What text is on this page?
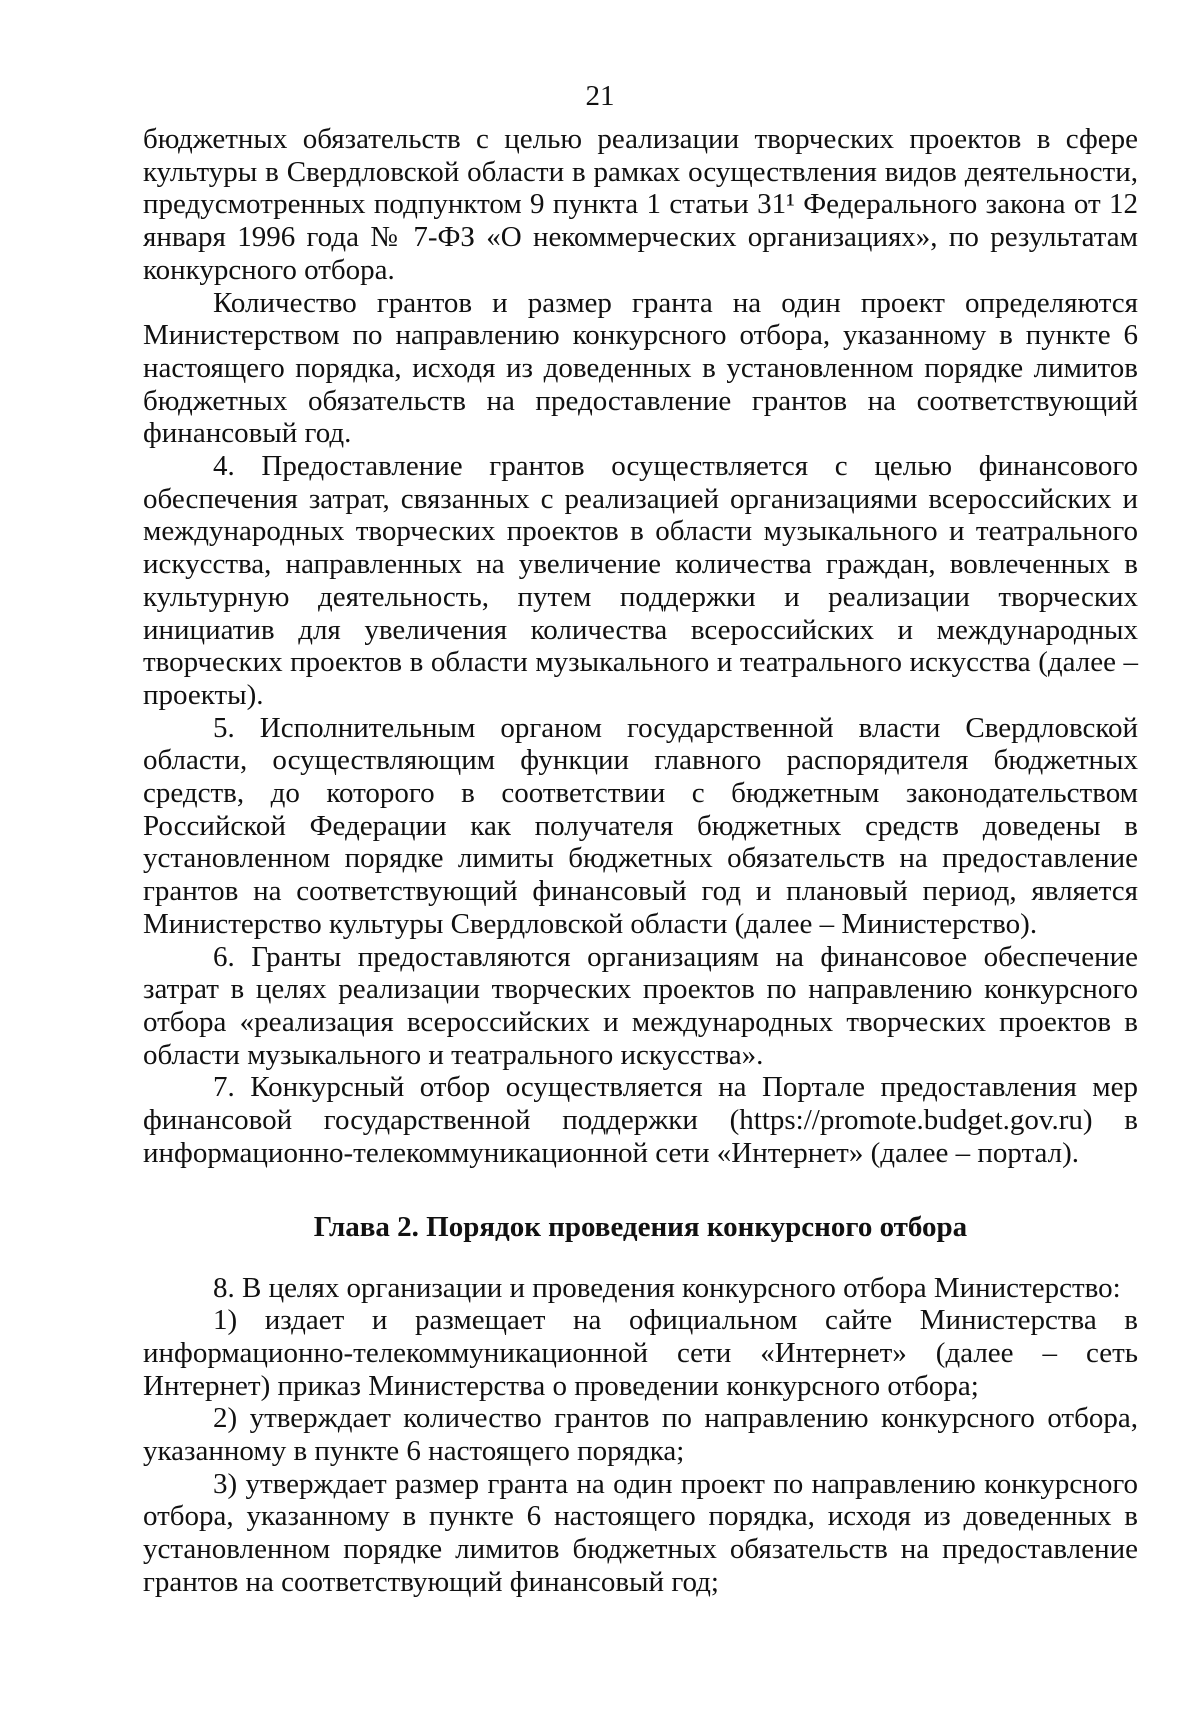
21

бюджетных обязательств с целью реализации творческих проектов в сфере культуры в Свердловской области в рамках осуществления видов деятельности, предусмотренных подпунктом 9 пункта 1 статьи 31¹ Федерального закона от 12 января 1996 года № 7-ФЗ «О некоммерческих организациях», по результатам конкурсного отбора.

Количество грантов и размер гранта на один проект определяются Министерством по направлению конкурсного отбора, указанному в пункте 6 настоящего порядка, исходя из доведенных в установленном порядке лимитов бюджетных обязательств на предоставление грантов на соответствующий финансовый год.

4. Предоставление грантов осуществляется с целью финансового обеспечения затрат, связанных с реализацией организациями всероссийских и международных творческих проектов в области музыкального и театрального искусства, направленных на увеличение количества граждан, вовлеченных в культурную деятельность, путем поддержки и реализации творческих инициатив для увеличения количества всероссийских и международных творческих проектов в области музыкального и театрального искусства (далее – проекты).

5. Исполнительным органом государственной власти Свердловской области, осуществляющим функции главного распорядителя бюджетных средств, до которого в соответствии с бюджетным законодательством Российской Федерации как получателя бюджетных средств доведены в установленном порядке лимиты бюджетных обязательств на предоставление грантов на соответствующий финансовый год и плановый период, является Министерство культуры Свердловской области (далее – Министерство).

6. Гранты предоставляются организациям на финансовое обеспечение затрат в целях реализации творческих проектов по направлению конкурсного отбора «реализация всероссийских и международных творческих проектов в области музыкального и театрального искусства».

7. Конкурсный отбор осуществляется на Портале предоставления мер финансовой государственной поддержки (https://promote.budget.gov.ru) в информационно-телекоммуникационной сети «Интернет» (далее – портал).

Глава 2. Порядок проведения конкурсного отбора

8. В целях организации и проведения конкурсного отбора Министерство:

1) издает и размещает на официальном сайте Министерства в информационно-телекоммуникационной сети «Интернет» (далее – сеть Интернет) приказ Министерства о проведении конкурсного отбора;

2) утверждает количество грантов по направлению конкурсного отбора, указанному в пункте 6 настоящего порядка;

3) утверждает размер гранта на один проект по направлению конкурсного отбора, указанному в пункте 6 настоящего порядка, исходя из доведенных в установленном порядке лимитов бюджетных обязательств на предоставление грантов на соответствующий финансовый год;
